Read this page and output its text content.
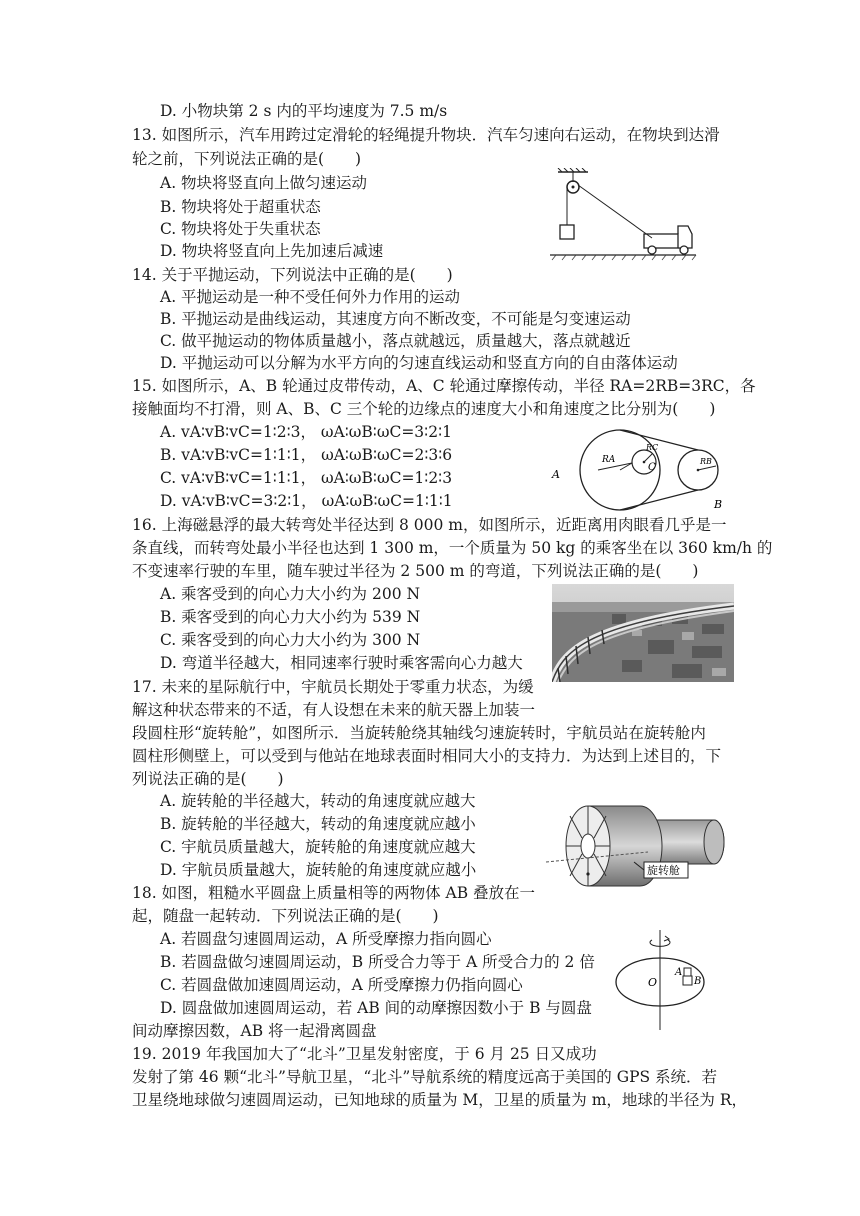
D. 小物块第 2 s 内的平均速度为 7.5 m/s
13. 如图所示，汽车用跨过定滑轮的轻绳提升物块．汽车匀速向右运动，在物块到达滑
轮之前，下列说法正确的是(　　)
A. 物块将竖直向上做匀速运动
B. 物块将处于超重状态
C. 物块将处于失重状态
D. 物块将竖直向上先加速后减速
14. 关于平抛运动，下列说法中正确的是(　　)
A. 平抛运动是一种不受任何外力作用的运动
B. 平抛运动是曲线运动，其速度方向不断改变，不可能是匀变速运动
C. 做平抛运动的物体质量越小，落点就越远，质量越大，落点就越近
D. 平抛运动可以分解为水平方向的匀速直线运动和竖直方向的自由落体运动
15. 如图所示，A、B 轮通过皮带传动，A、C 轮通过摩擦传动，半径 RA=2RB=3RC，各
接触面均不打滑，则 A、B、C 三个轮的边缘点的速度大小和角速度之比分别为(　　)
A. vA∶vB∶vC=1∶2∶3， ωA∶ωB∶ωC=3∶2∶1
B. vA∶vB∶vC=1∶1∶1， ωA∶ωB∶ωC=2∶3∶6
C. vA∶vB∶vC=1∶1∶1， ωA∶ωB∶ωC=1∶2∶3
D. vA∶vB∶vC=3∶2∶1， ωA∶ωB∶ωC=1∶1∶1
A
B
C
RA
RC
RB
16. 上海磁悬浮的最大转弯处半径达到 8 000 m，如图所示，近距离用肉眼看几乎是一
条直线，而转弯处最小半径也达到 1 300 m，一个质量为 50 kg 的乘客坐在以 360 km/h 的
不变速率行驶的车里，随车驶过半径为 2 500 m 的弯道，下列说法正确的是(　　)
A. 乘客受到的向心力大小约为 200 N
B. 乘客受到的向心力大小约为 539 N
C. 乘客受到的向心力大小约为 300 N
D. 弯道半径越大，相同速率行驶时乘客需向心力越大
17. 未来的星际航行中，宇航员长期处于零重力状态，为缓
解这种状态带来的不适，有人设想在未来的航天器上加装一
段圆柱形“旋转舱”，如图所示．当旋转舱绕其轴线匀速旋转时，宇航员站在旋转舱内
圆柱形侧壁上，可以受到与他站在地球表面时相同大小的支持力．为达到上述目的，下
列说法正确的是(　　)
A. 旋转舱的半径越大，转动的角速度就应越大
B. 旋转舱的半径越大，转动的角速度就应越小
C. 宇航员质量越大，旋转舱的角速度就应越大
D. 宇航员质量越大，旋转舱的角速度就应越小	旋转舱
18. 如图，粗糙水平圆盘上质量相等的两物体 AB 叠放在一
起，随盘一起转动．下列说法正确的是(　　)
A. 若圆盘匀速圆周运动，A 所受摩擦力指向圆心
B. 若圆盘做匀速圆周运动，B 所受合力等于 A 所受合力的 2 倍
C. 若圆盘做加速圆周运动，A 所受摩擦力仍指向圆心
D. 圆盘做加速圆周运动，若 AB 间的动摩擦因数小于 B 与圆盘
间动摩擦因数，AB 将一起滑离圆盘
O
A
B
19. 2019 年我国加大了“北斗”卫星发射密度，于 6 月 25 日又成功
发射了第 46 颗“北斗”导航卫星，“北斗”导航系统的精度远高于美国的 GPS 系统．若
卫星绕地球做匀速圆周运动，已知地球的质量为 M，卫星的质量为 m，地球的半径为 R，
